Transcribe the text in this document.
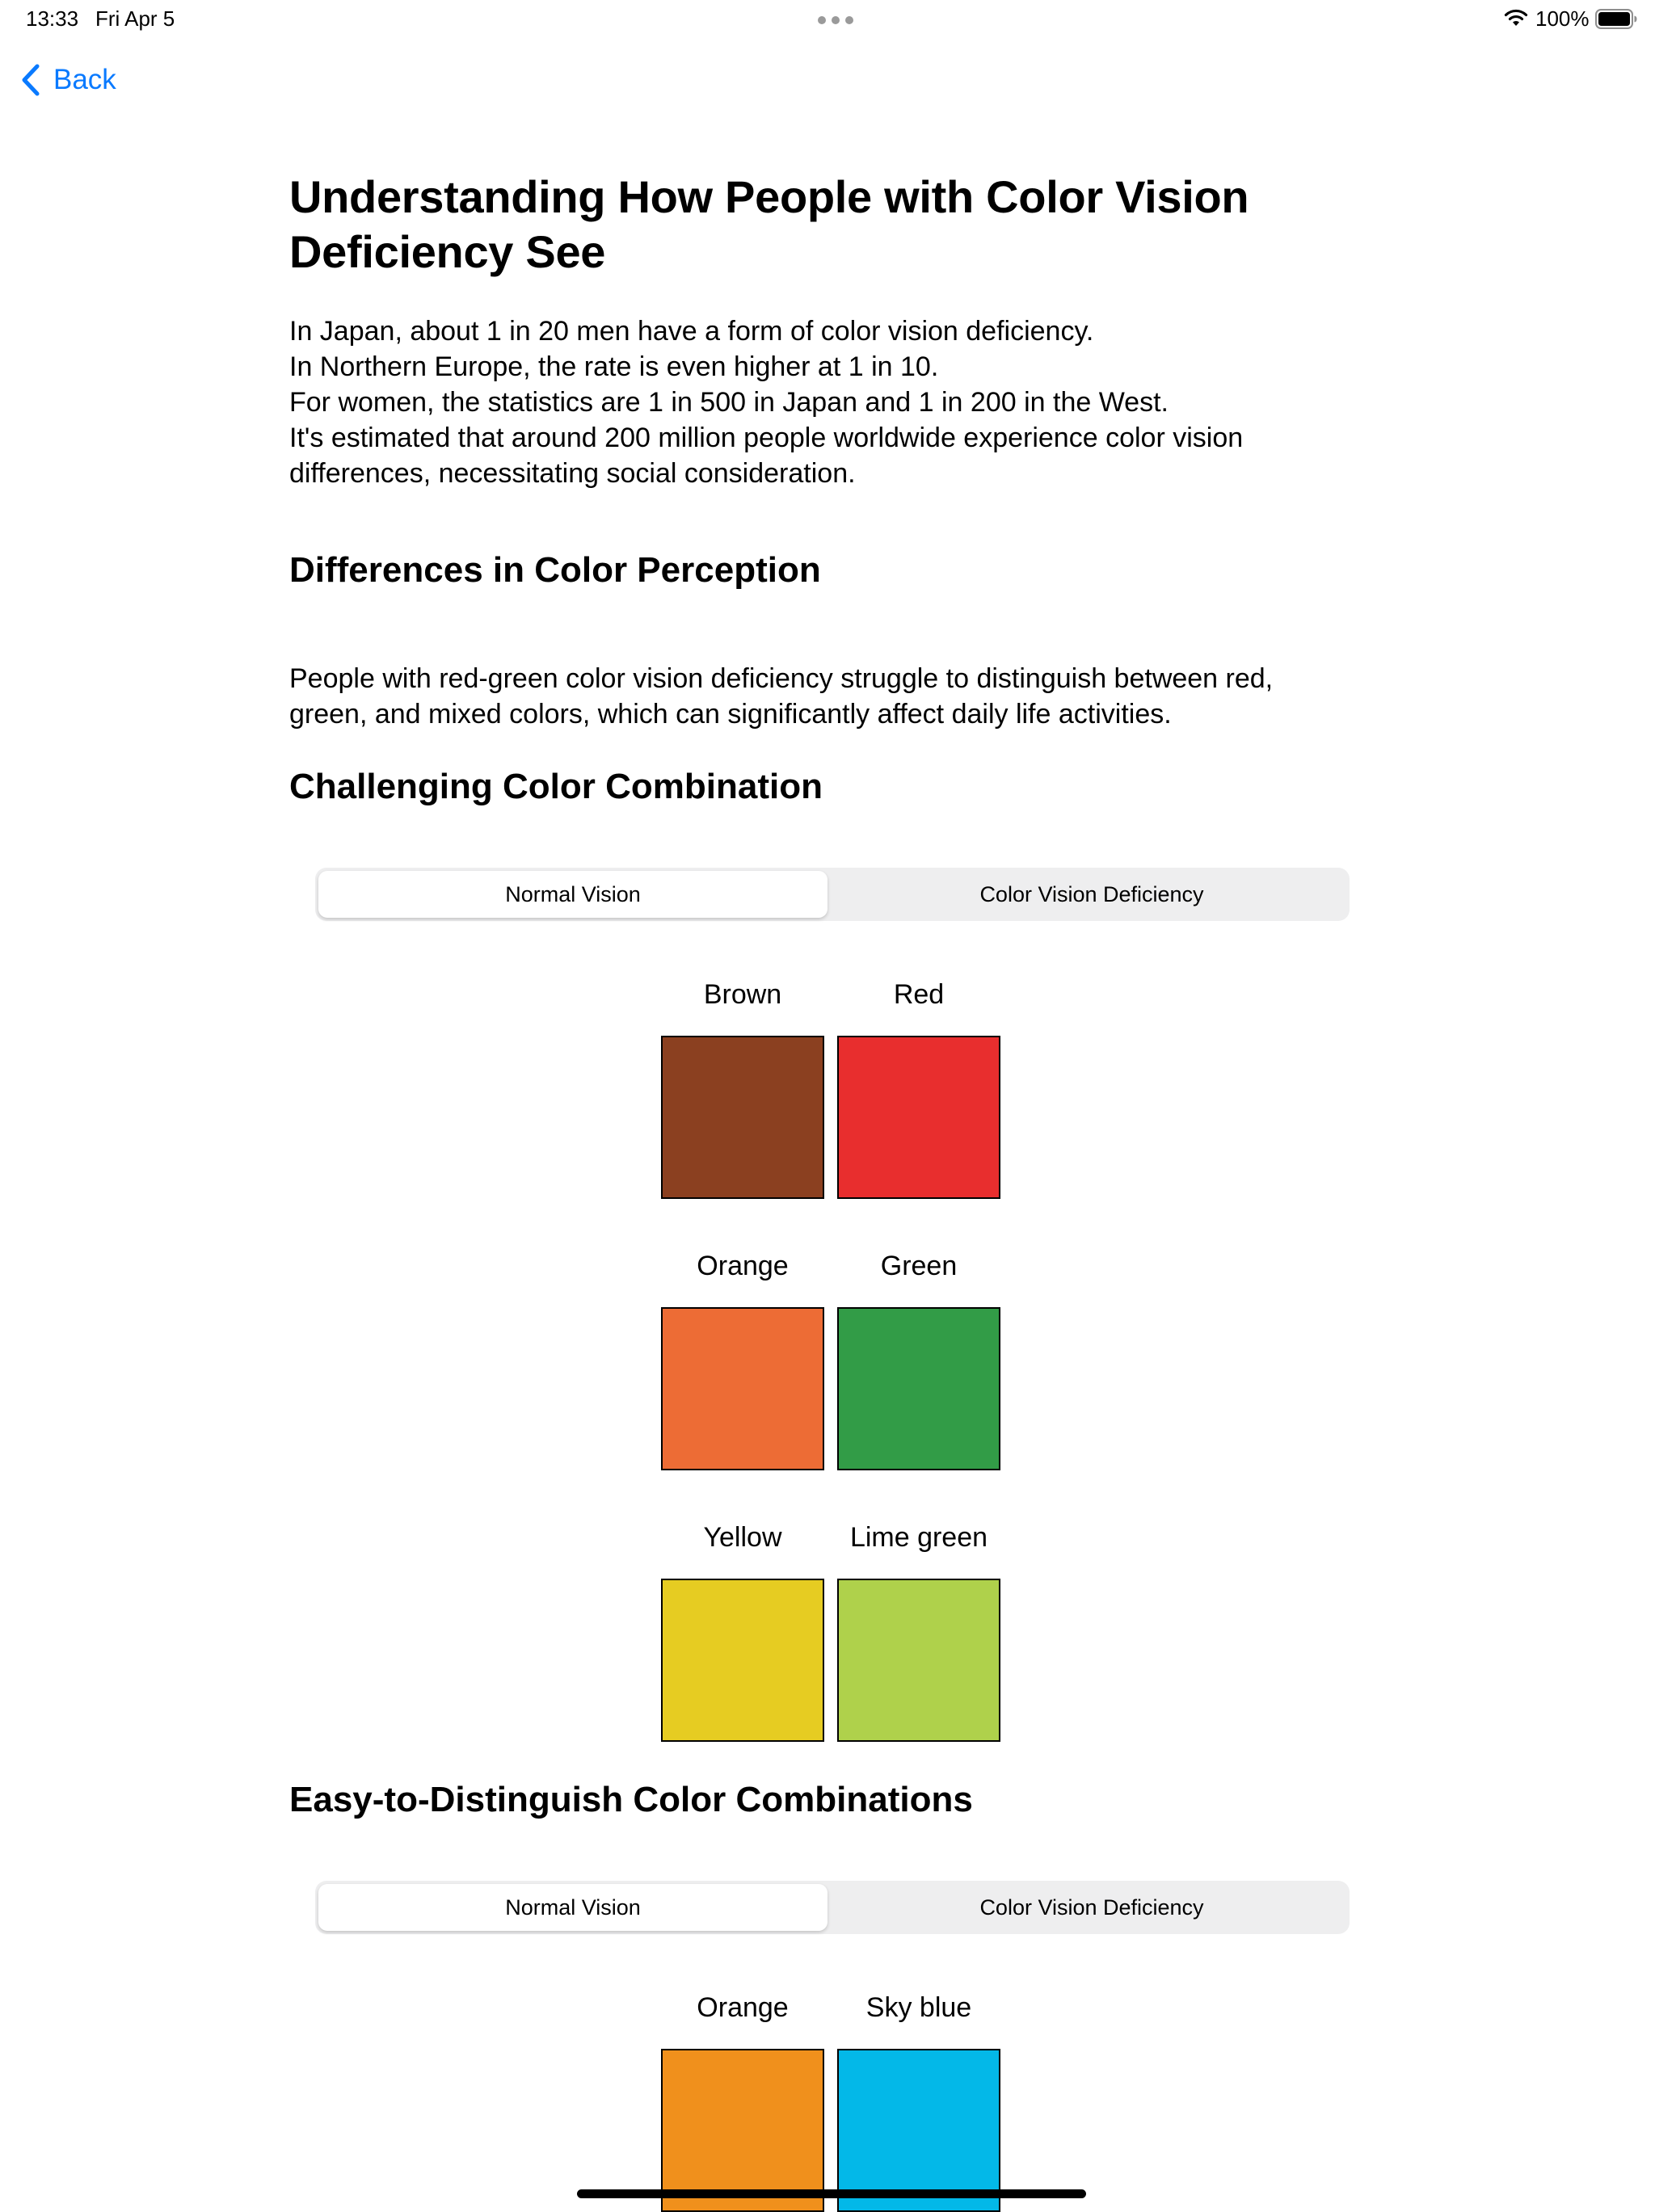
13:33 Fri Apr 5	100%
Back
Understanding How People with Color Vision
Deficiency See
In Japan, about 1 in 20 men have a form of color vision deficiency.
In Northern Europe, the rate is even higher at 1 in 10.
For women, the statistics are 1 in 500 in Japan and 1 in 200 in the West.
It's estimated that around 200 million people worldwide experience color vision
differences, necessitating social consideration.
Differences in Color Perception
People with red-green color vision deficiency struggle to distinguish between red,
green, and mixed colors, which can significantly affect daily life activities.
Challenging Color Combination
Normal Vision	Color Vision Deficiency
Brown	Red
Orange	Green
Yellow Lime green
Easy-to-Distinguish Color Combinations
Normal Vision	Color Vision Deficiency
Orange	Sky blue
